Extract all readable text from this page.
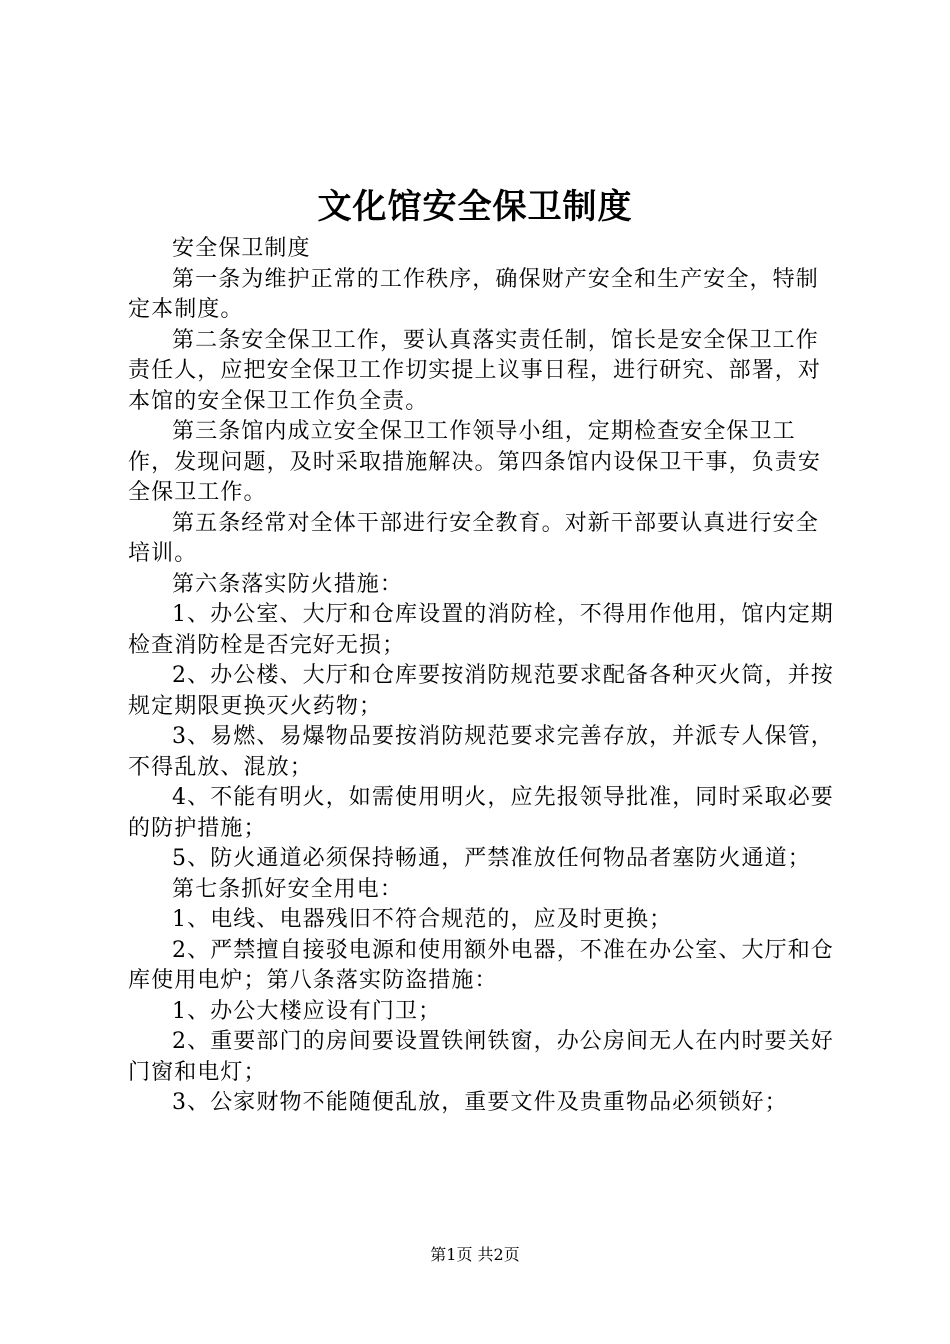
文化馆安全保卫制度

安全保卫制度

第一条为维护正常的工作秩序，确保财产安全和生产安全，特制定本制度。

第二条安全保卫工作，要认真落实责任制，馆长是安全保卫工作责任人，应把安全保卫工作切实提上议事日程，进行研究、部署，对本馆的安全保卫工作负全责。

第三条馆内成立安全保卫工作领导小组，定期检查安全保卫工作，发现问题，及时采取措施解决。第四条馆内设保卫干事，负责安全保卫工作。

第五条经常对全体干部进行安全教育。对新干部要认真进行安全培训。

第六条落实防火措施：

1、办公室、大厅和仓库设置的消防栓，不得用作他用，馆内定期检查消防栓是否完好无损；

2、办公楼、大厅和仓库要按消防规范要求配备各种灭火筒，并按规定期限更换灭火药物；

3、易燃、易爆物品要按消防规范要求完善存放，并派专人保管，不得乱放、混放；

4、不能有明火，如需使用明火，应先报领导批准，同时采取必要的防护措施；

5、防火通道必须保持畅通，严禁准放任何物品者塞防火通道；

第七条抓好安全用电：

1、电线、电器残旧不符合规范的，应及时更换；

2、严禁擅自接驳电源和使用额外电器，不准在办公室、大厅和仓库使用电炉；第八条落实防盗措施：

1、办公大楼应设有门卫；

2、重要部门的房间要设置铁闸铁窗，办公房间无人在内时要关好门窗和电灯；

3、公家财物不能随便乱放，重要文件及贵重物品必须锁好；

第1页 共2页
